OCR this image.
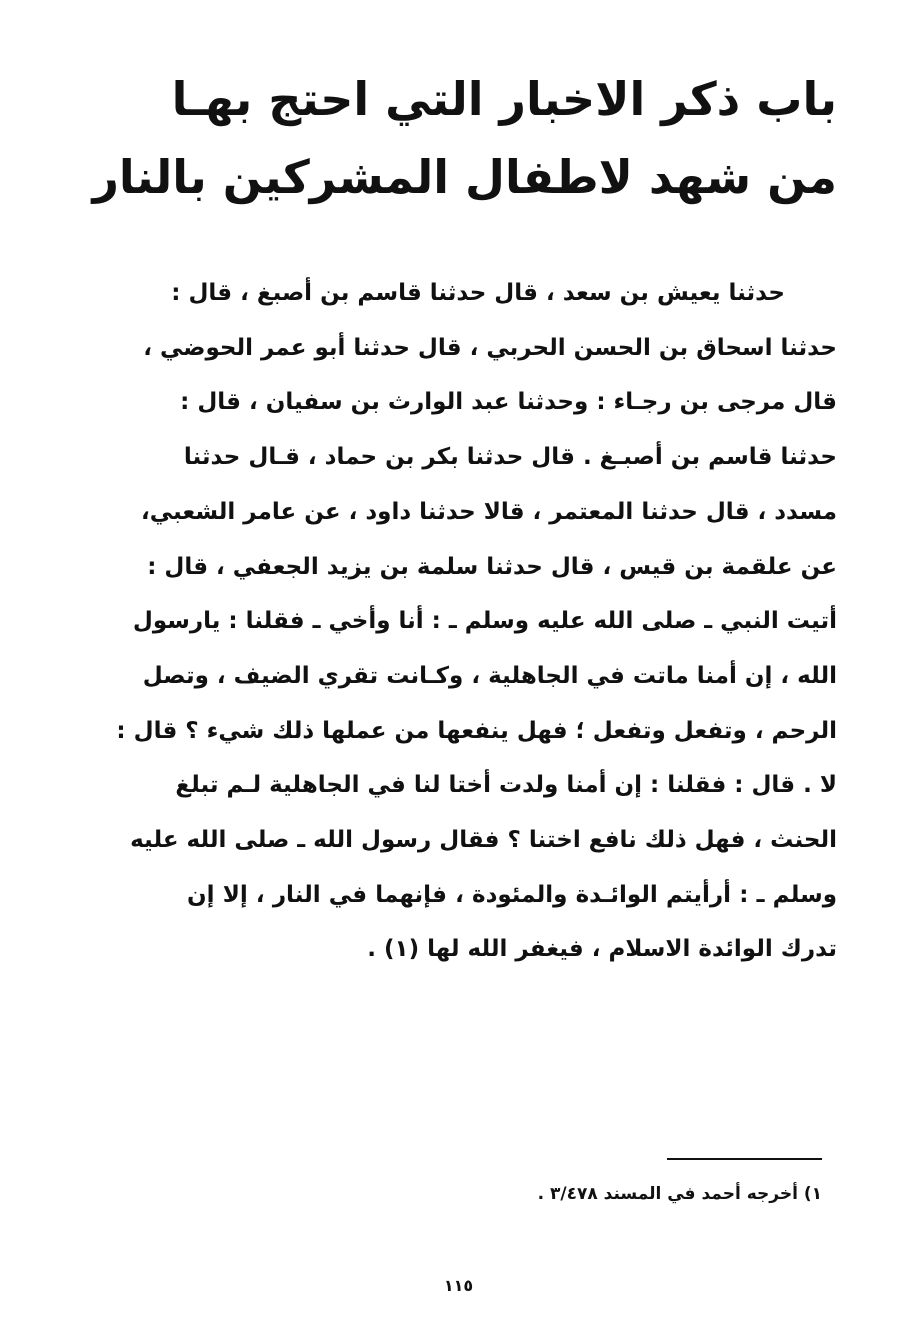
باب ذكر الاخبار التي احتج بهـا
من شهد لاطفال المشركين بالنار
حدثنا يعيش بن سعد ، قال حدثنا قاسم بن أصبغ ، قال :
حدثنا اسحاق بن الحسن الحربي ، قال حدثنا أبو عمر الحوضي ،
قال مرجى بن رجـاء : وحدثنا عبد الوارث بن سفيان ، قال :
حدثنا قاسم بن أصبـغ . قال حدثنا بكر بن حماد ، قـال حدثنا
مسدد ، قال حدثنا المعتمر ، قالا حدثنا داود ، عن عامر الشعبي،
عن علقمة بن قيس ، قال حدثنا سلمة بن يزيد الجعفي ، قال :
أتيت النبي ـ صلى الله عليه وسلم ـ : أنا وأخي ـ فقلنا : يارسول
الله ، إن أمنا ماتت في الجاهلية ، وكـانت تقري الضيف ، وتصل
الرحم ، وتفعل وتفعل ؛ فهل ينفعها من عملها ذلك شيء ؟ قال :
لا . قال : فقلنا : إن أمنا ولدت أختا لنا في الجاهلية لـم تبلغ
الحنث ، فهل ذلك نافع اختنا ؟ فقال رسول الله ـ صلى الله عليه
وسلم ـ : أرأيتم الوائـدة والمئودة ، فإنهما في النار ، إلا إن
تدرك الوائدة الاسلام ، فيغفر الله لها (١) .
١) أخرجه أحمد في المسند ٣/٤٧٨ .
١١٥
